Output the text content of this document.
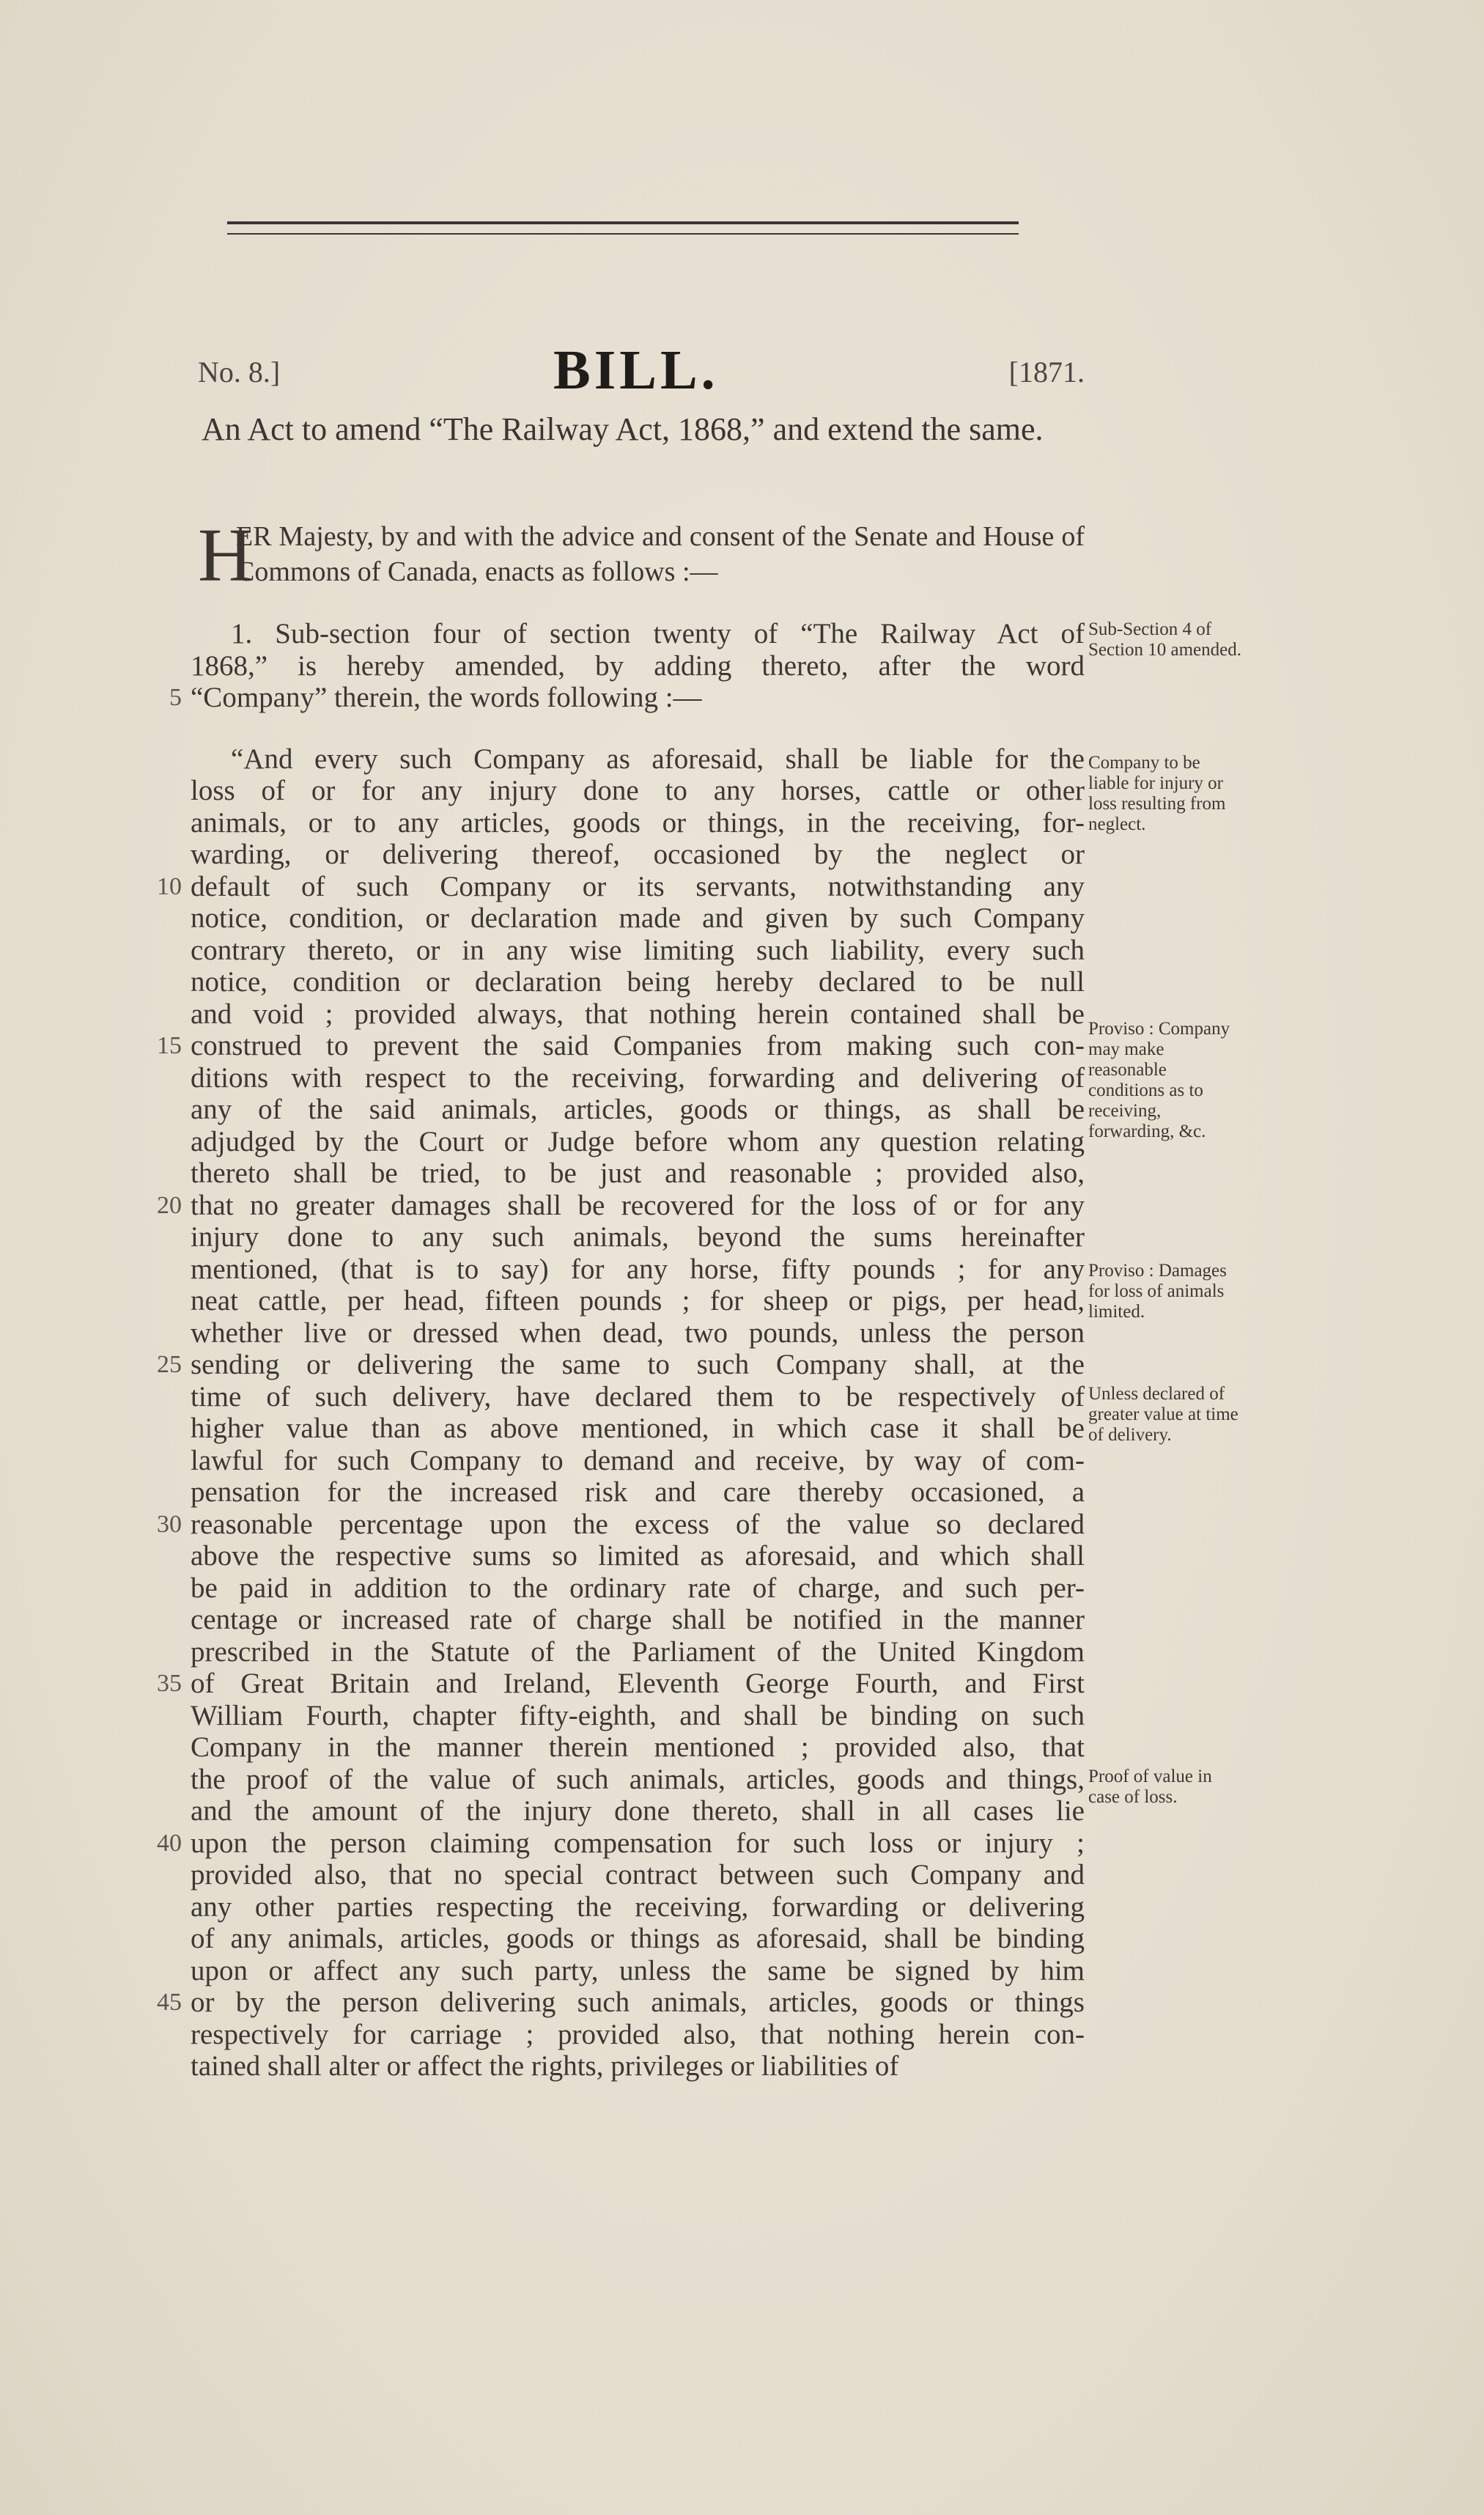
No. 8.]	BILL.	[1871.
An Act to amend “The Railway Act, 1868,” and extend the same.
H
ER Majesty, by and with the advice and consent of the Senate and House of Commons of Canada, enacts as follows :—
1. Sub-section four of section twenty of “The Railway Act of
1868,” is hereby amended, by adding thereto, after the word
5 “Company” therein, the words following :—
“And every such Company as aforesaid, shall be liable for the
loss of or for any injury done to any horses, cattle or other
animals, or to any articles, goods or things, in the receiving, for-
warding, or delivering thereof, occasioned by the neglect or
10 default of such Company or its servants, notwithstanding any
notice, condition, or declaration made and given by such Company
contrary thereto, or in any wise limiting such liability, every such
notice, condition or declaration being hereby declared to be null
and void ; provided always, that nothing herein contained shall be
15 construed to prevent the said Companies from making such con-
ditions with respect to the receiving, forwarding and delivering of
any of the said animals, articles, goods or things, as shall be
adjudged by the Court or Judge before whom any question relating
thereto shall be tried, to be just and reasonable ; provided also,
20 that no greater damages shall be recovered for the loss of or for any
injury done to any such animals, beyond the sums hereinafter
mentioned, (that is to say) for any horse, fifty pounds ; for any
neat cattle, per head, fifteen pounds ; for sheep or pigs, per head,
whether live or dressed when dead, two pounds, unless the person
25 sending or delivering the same to such Company shall, at the
time of such delivery, have declared them to be respectively of
higher value than as above mentioned, in which case it shall be
lawful for such Company to demand and receive, by way of com-
pensation for the increased risk and care thereby occasioned, a
30 reasonable percentage upon the excess of the value so declared
above the respective sums so limited as aforesaid, and which shall
be paid in addition to the ordinary rate of charge, and such per-
centage or increased rate of charge shall be notified in the manner
prescribed in the Statute of the Parliament of the United Kingdom
35 of Great Britain and Ireland, Eleventh George Fourth, and First
William Fourth, chapter fifty-eighth, and shall be binding on such
Company in the manner therein mentioned ; provided also, that
the proof of the value of such animals, articles, goods and things,
and the amount of the injury done thereto, shall in all cases lie
40 upon the person claiming compensation for such loss or injury ;
provided also, that no special contract between such Company and
any other parties respecting the receiving, forwarding or delivering
of any animals, articles, goods or things as aforesaid, shall be binding
upon or affect any such party, unless the same be signed by him
45 or by the person delivering such animals, articles, goods or things
respectively for carriage ; provided also, that nothing herein con-
tained shall alter or affect the rights, privileges or liabilities of
Sub-Section 4 of Section 10 amended.
Company to be liable for injury or loss resulting from neglect.
Proviso : Company may make reasonable conditions as to receiving, forwarding, &c.
Proviso : Damages for loss of animals limited.
Unless declared of greater value at time of delivery.
Proof of value in case of loss.
